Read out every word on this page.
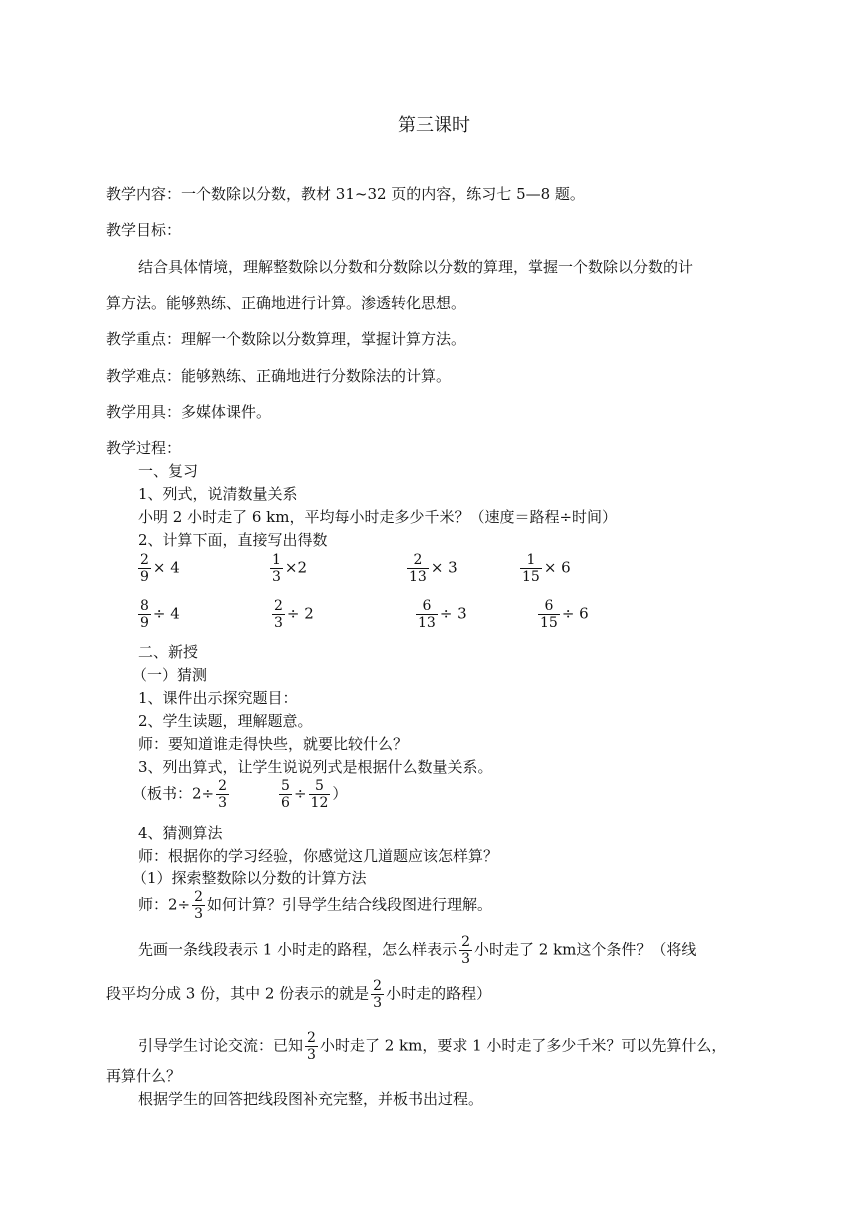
第三课时
教学内容：一个数除以分数，教材 31~32 页的内容，练习七 5—8 题。
教学目标：
结合具体情境，理解整数除以分数和分数除以分数的算理，掌握一个数除以分数的计
算方法。能够熟练、正确地进行计算。渗透转化思想。
教学重点：理解一个数除以分数算理，掌握计算方法。
教学难点：能够熟练、正确地进行分数除法的计算。
教学用具：多媒体课件。
教学过程：
一、复习
1、列式，说清数量关系
小明 2 小时走了 6 km，平均每小时走多少千米？（速度＝路程÷时间）
2、计算下面，直接写出得数
$\frac{2}{9} \times 4$	$\frac{1}{3} \times 2$	$\frac{2}{13} \times 3$	$\frac{1}{15} \times 6$
$\frac{8}{9} \div 4$	$\frac{2}{3} \div 2$	$\frac{6}{13} \div 3$	$\frac{6}{15} \div 6$
二、新授
（一）猜测
1、课件出示探究题目：
2、学生读题，理解题意。
师：要知道谁走得快些，就要比较什么？
3、列出算式，让学生说说列式是根据什么数量关系。
（板书：$2\div \frac{2}{3}$	$\frac{5}{6} \div \frac{5}{12}$ ）
4、猜测算法
师：根据你的学习经验，你感觉这几道题应该怎样算？
（1）探索整数除以分数的计算方法
师：$2\div \frac{2}{3}$ 如何计算？引导学生结合线段图进行理解。
先画一条线段表示 1 小时走的路程，怎么样表示 $\frac{2}{3}$ 小时走了 2 km这个条件？（将线
段平均分成 3 份，其中 2 份表示的就是 $\frac{2}{3}$ 小时走的路程）
引导学生讨论交流：已知 $\frac{2}{3}$ 小时走了 2 km，要求 1 小时走了多少千米？可以先算什么，
再算什么？
根据学生的回答把线段图补充完整，并板书出过程。
